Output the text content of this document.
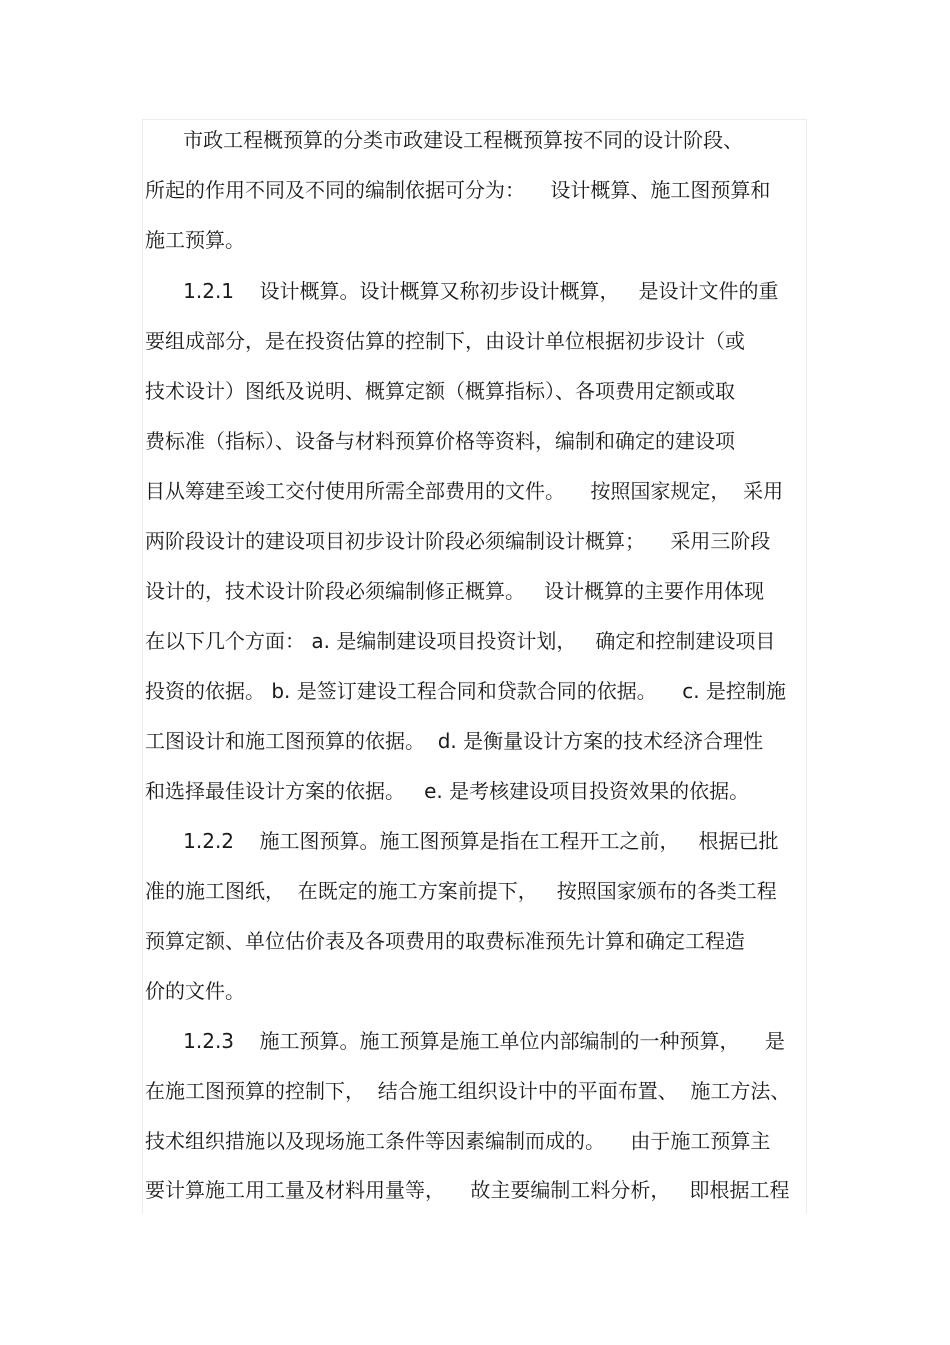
市政工程概预算的分类市政建设工程概预算按不同的设计阶段、
所起的作用不同及不同的编制依据可分为：    设计概算、施工图预算和
施工预算。
1.2.1    设计概算。设计概算又称初步设计概算，   是设计文件的重
要组成部分，是在投资估算的控制下，由设计单位根据初步设计（或
技术设计）图纸及说明、概算定额（概算指标）、各项费用定额或取
费标准（指标）、设备与材料预算价格等资料，编制和确定的建设项
目从筹建至竣工交付使用所需全部费用的文件。    按照国家规定，  采用
两阶段设计的建设项目初步设计阶段必须编制设计概算；    采用三阶段
设计的，技术设计阶段必须编制修正概算。   设计概算的主要作用体现
在以下几个方面： a. 是编制建设项目投资计划，   确定和控制建设项目
投资的依据。 b. 是签订建设工程合同和贷款合同的依据。    c. 是控制施
工图设计和施工图预算的依据。  d. 是衡量设计方案的技术经济合理性
和选择最佳设计方案的依据。   e. 是考核建设项目投资效果的依据。
1.2.2    施工图预算。施工图预算是指在工程开工之前，   根据已批
准的施工图纸，  在既定的施工方案前提下，   按照国家颁布的各类工程
预算定额、单位估价表及各项费用的取费标准预先计算和确定工程造
价的文件。
1.2.3    施工预算。施工预算是施工单位内部编制的一种预算，    是
在施工图预算的控制下，  结合施工组织设计中的平面布置、  施工方法、
技术组织措施以及现场施工条件等因素编制而成的。    由于施工预算主
要计算施工用工量及材料用量等，    故主要编制工料分析，   即根据工程
